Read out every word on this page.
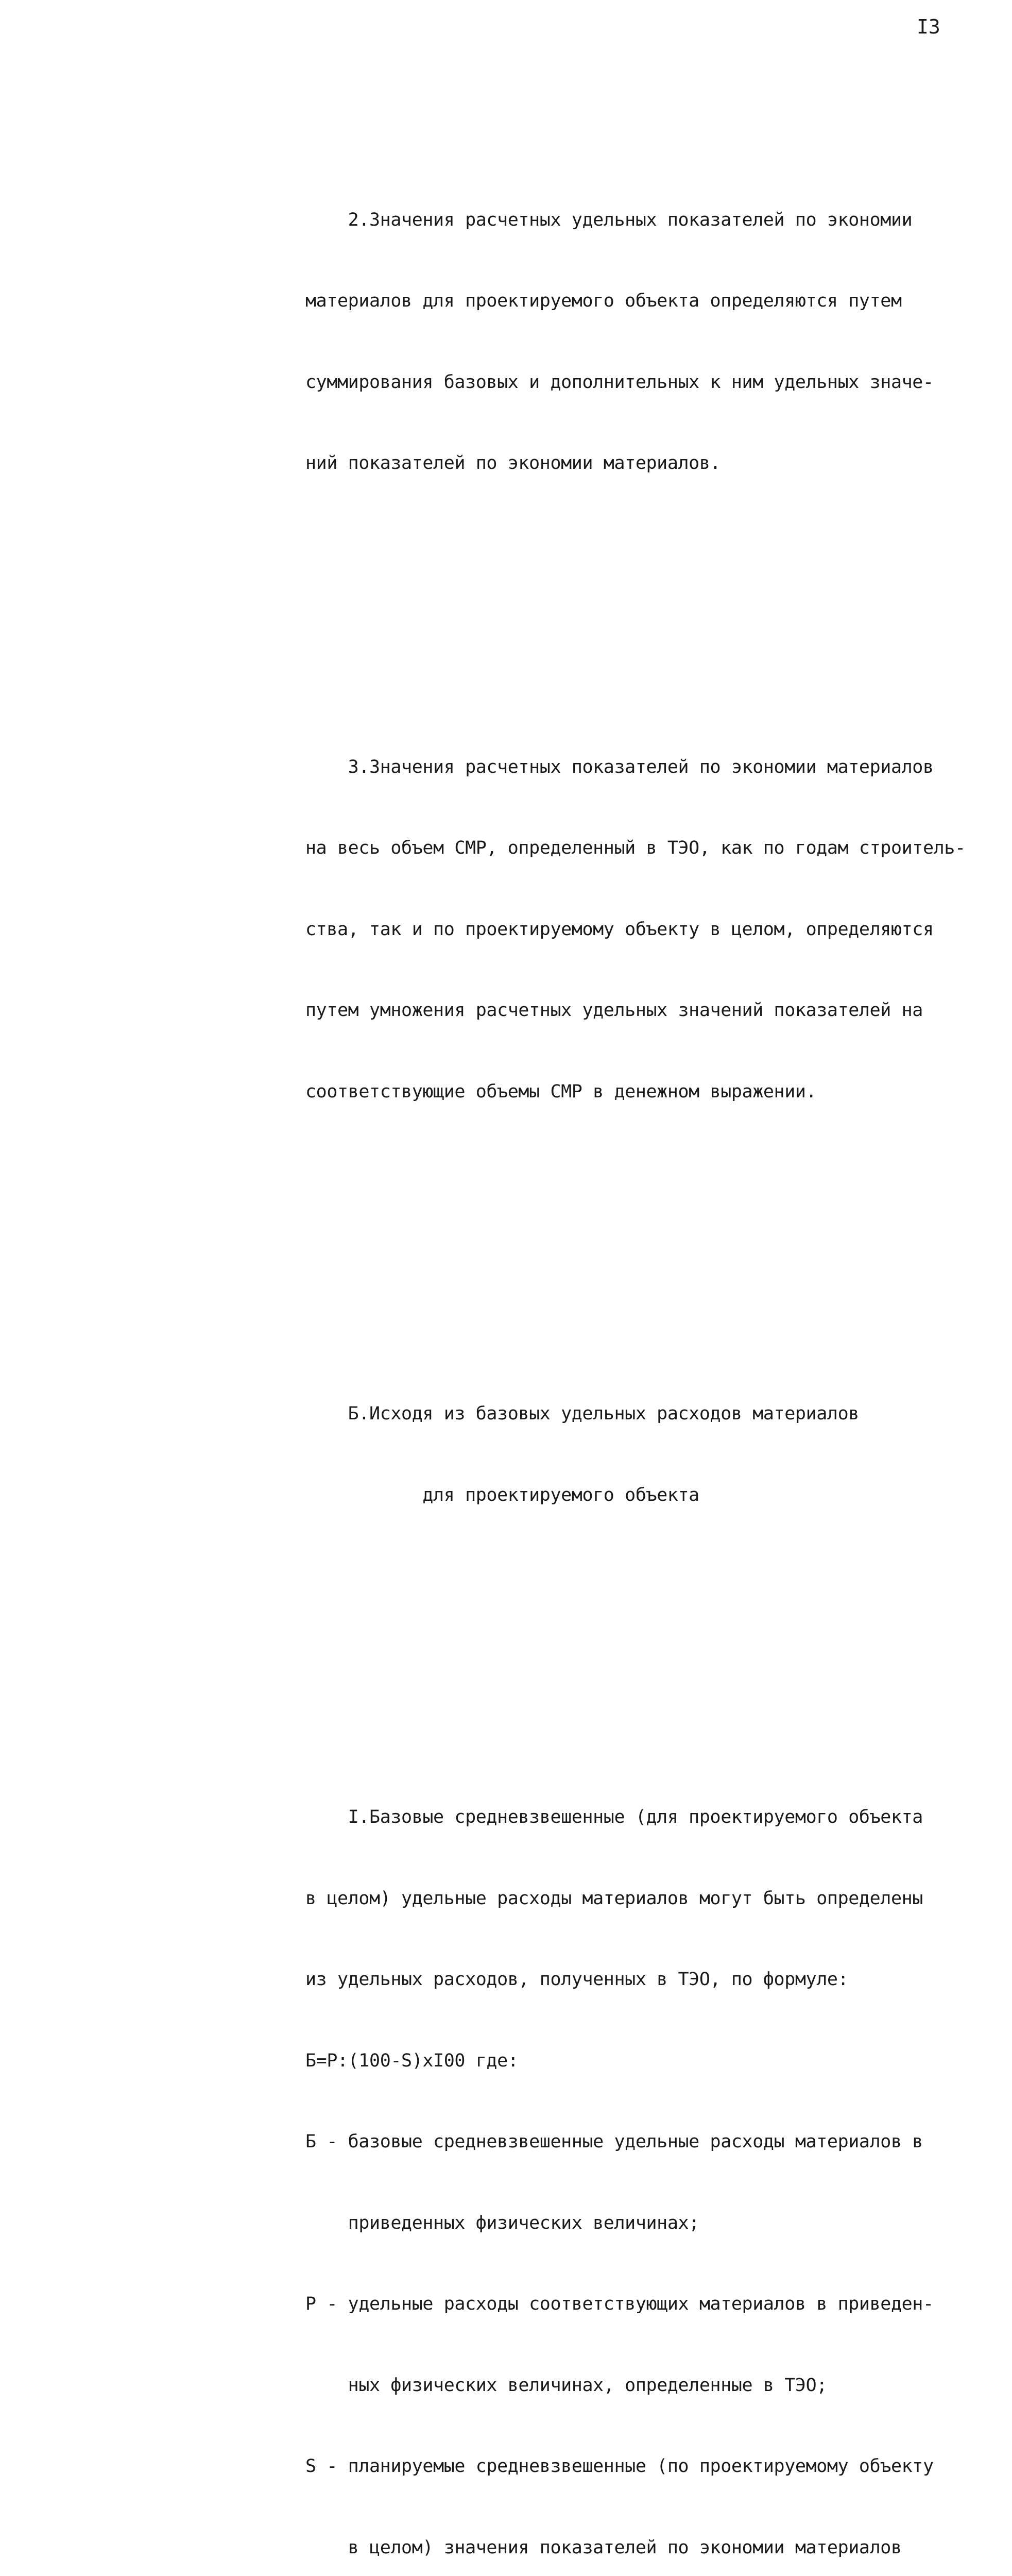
I3

2.Значения расчетных удельных показателей по экономии

материалов для проектируемого объекта определяются путем

суммирования базовых и дополнительных к ним удельных значе-

ний показателей по экономии материалов.

3.Значения расчетных показателей по экономии материалов

на весь объем СМР, определенный в ТЭО, как по годам строитель-

ства, так и по проектируемому объекту в целом, определяются

путем умножения расчетных удельных значений показателей на

соответствующие объемы СМР в денежном выражении.

Б.Исходя из базовых удельных расходов материалов

для проектируемого объекта

I.Базовые средневзвешенные (для проектируемого объекта

в целом) удельные расходы материалов могут быть определены

из удельных расходов, полученных в ТЭО, по формуле:

Б=Р:(100-S)хI00 где:

Б - базовые средневзвешенные удельные расходы материалов в

приведенных физических величинах;

Р - удельные расходы соответствующих материалов в приведен-

ных физических величинах, определенные в ТЭО;

S - планируемые средневзвешенные (по проектируемому объекту

в целом) значения показателей по экономии материалов
